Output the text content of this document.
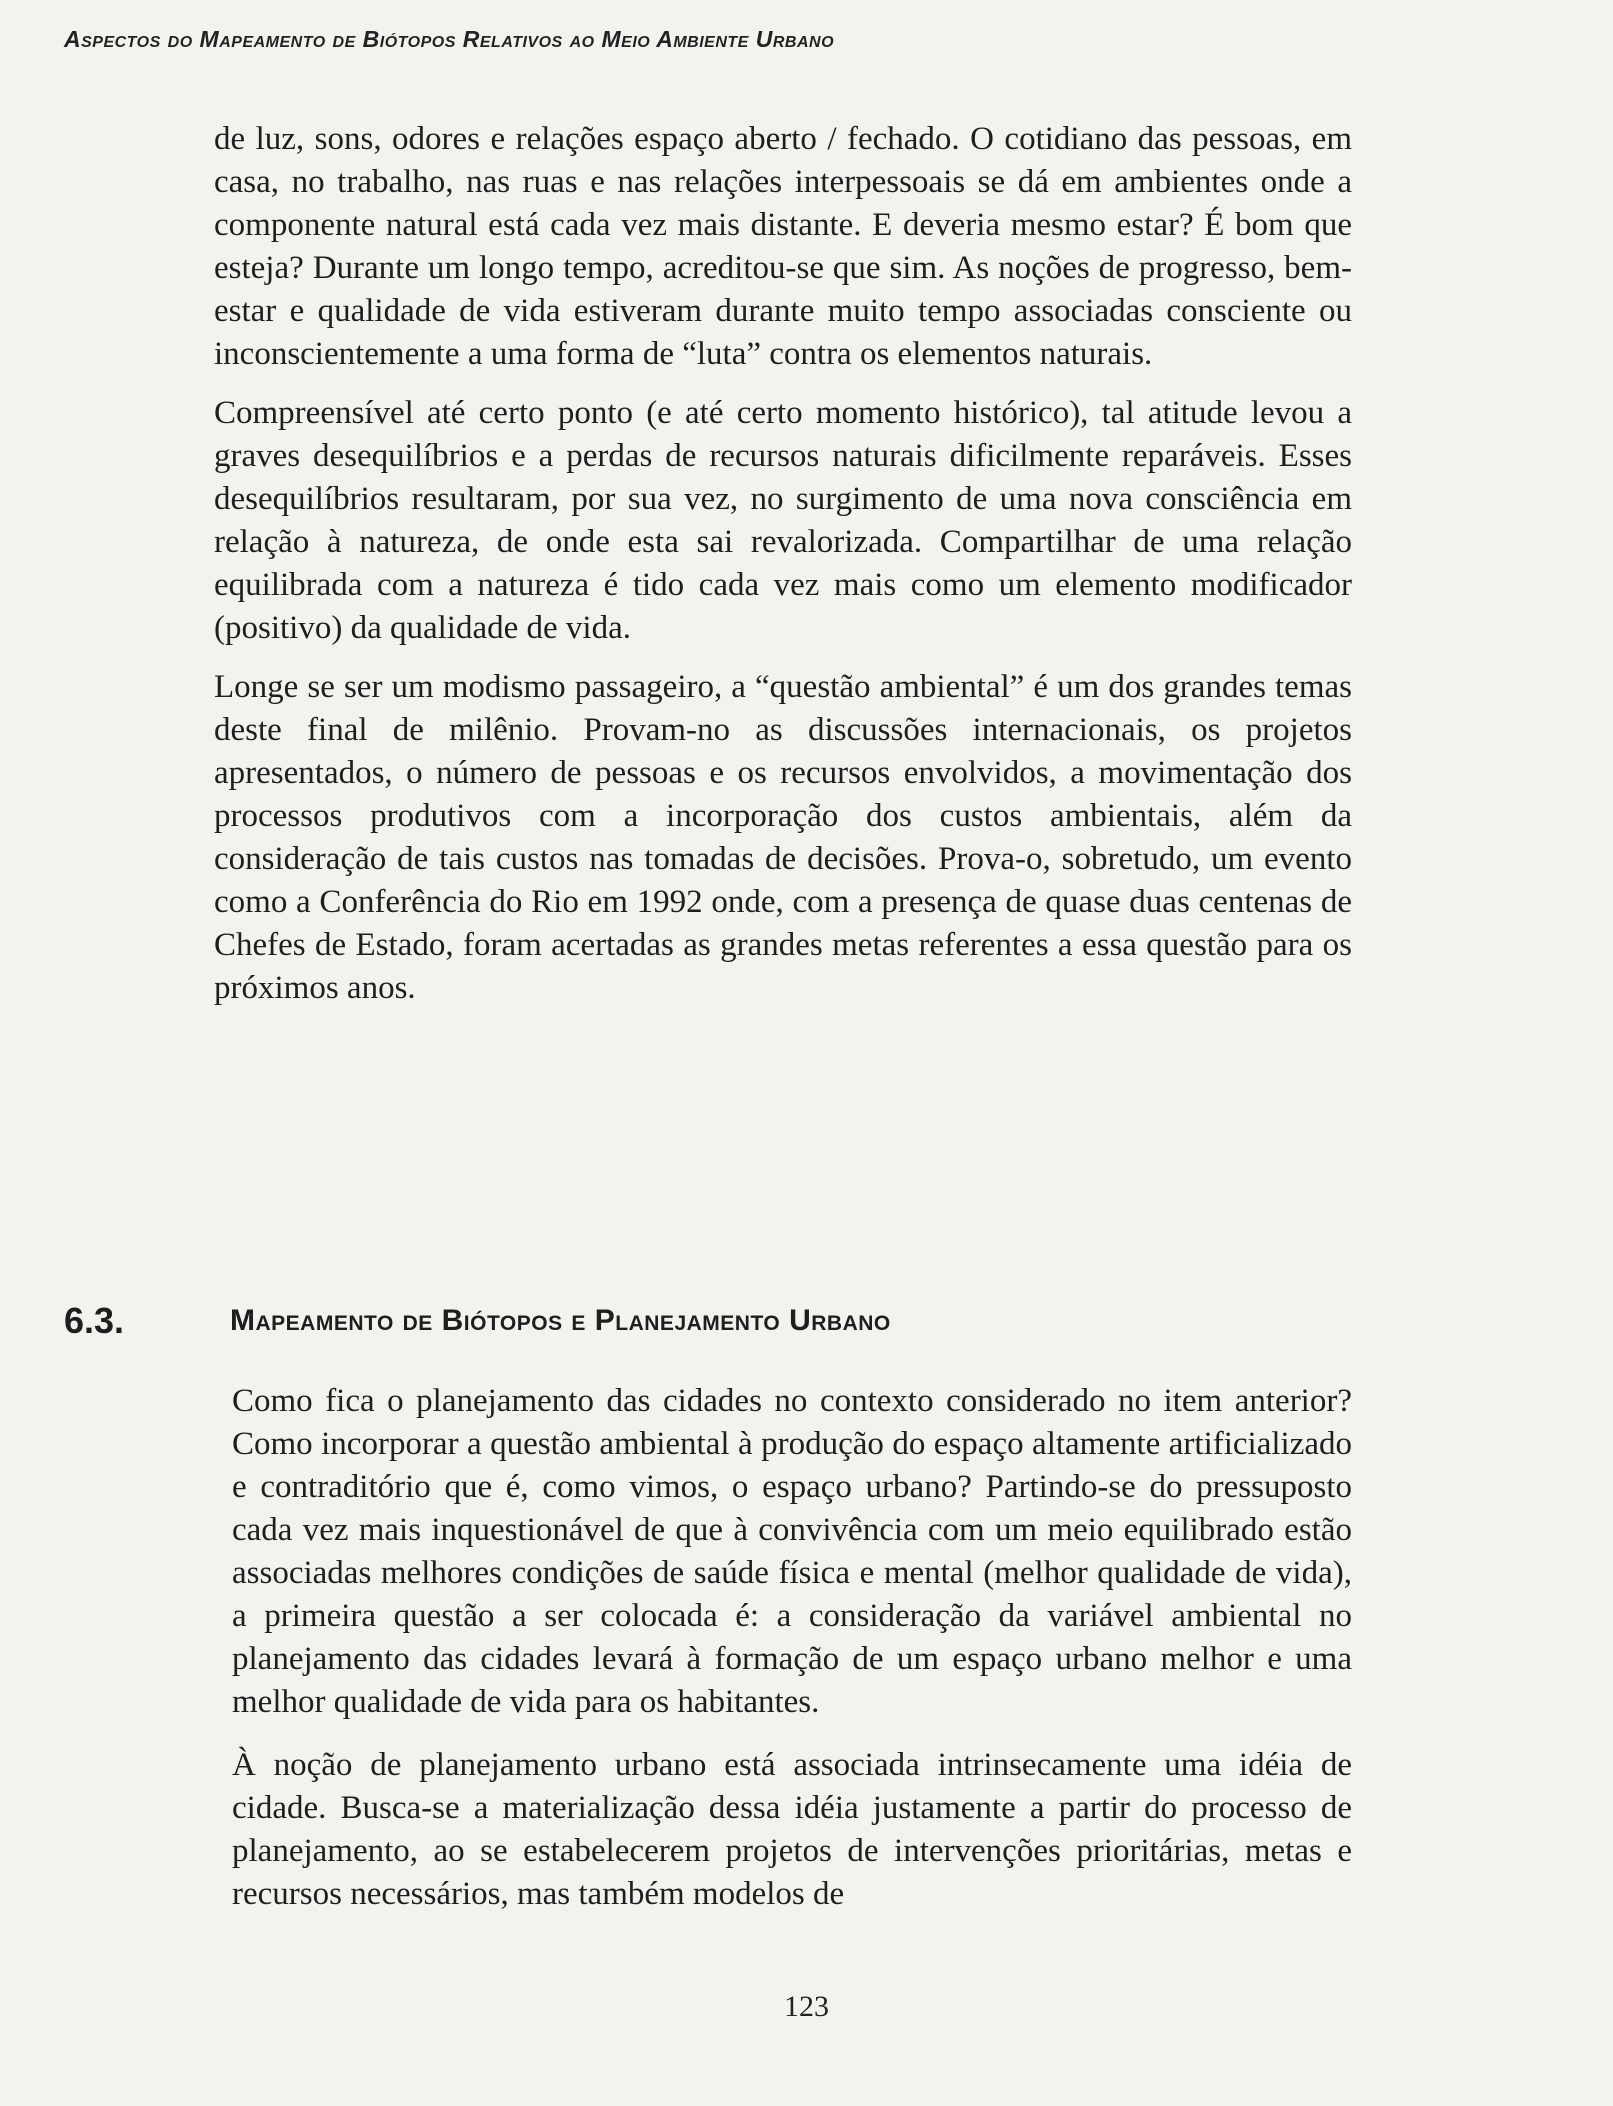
Aspectos do Mapeamento de Biótopos Relativos ao Meio Ambiente Urbano

de luz, sons, odores e relações espaço aberto / fechado. O cotidiano das pessoas, em casa, no trabalho, nas ruas e nas relações interpessoais se dá em ambientes onde a componente natural está cada vez mais distante. E deveria mesmo estar? É bom que esteja? Durante um longo tempo, acreditou-se que sim. As noções de progresso, bem-estar e qualidade de vida estiveram durante muito tempo associadas consciente ou inconscientemente a uma forma de “luta” contra os elementos naturais.

Compreensível até certo ponto (e até certo momento histórico), tal atitude levou a graves desequilíbrios e a perdas de recursos naturais dificilmente reparáveis. Esses desequilíbrios resultaram, por sua vez, no surgimento de uma nova consciência em relação à natureza, de onde esta sai revalorizada. Compartilhar de uma relação equilibrada com a natureza é tido cada vez mais como um elemento modificador (positivo) da qualidade de vida.

Longe se ser um modismo passageiro, a “questão ambiental” é um dos grandes temas deste final de milênio. Provam-no as discussões internacionais, os projetos apresentados, o número de pessoas e os recursos envolvidos, a movimentação dos processos produtivos com a incorporação dos custos ambientais, além da consideração de tais custos nas tomadas de decisões. Prova-o, sobretudo, um evento como a Conferência do Rio em 1992 onde, com a presença de quase duas centenas de Chefes de Estado, foram acertadas as grandes metas referentes a essa questão para os próximos anos.

6.3.	Mapeamento de Biótopos e Planejamento Urbano

Como fica o planejamento das cidades no contexto considerado no item anterior? Como incorporar a questão ambiental à produção do espaço altamente artificializado e contraditório que é, como vimos, o espaço urbano? Partindo-se do pressuposto cada vez mais inquestionável de que à convivência com um meio equilibrado estão associadas melhores condições de saúde física e mental (melhor qualidade de vida), a primeira questão a ser colocada é: a consideração da variável ambiental no planejamento das cidades levará à formação de um espaço urbano melhor e uma melhor qualidade de vida para os habitantes.

À noção de planejamento urbano está associada intrinsecamente uma idéia de cidade. Busca-se a materialização dessa idéia justamente a partir do processo de planejamento, ao se estabelecerem projetos de intervenções prioritárias, metas e recursos necessários, mas também modelos de

123
